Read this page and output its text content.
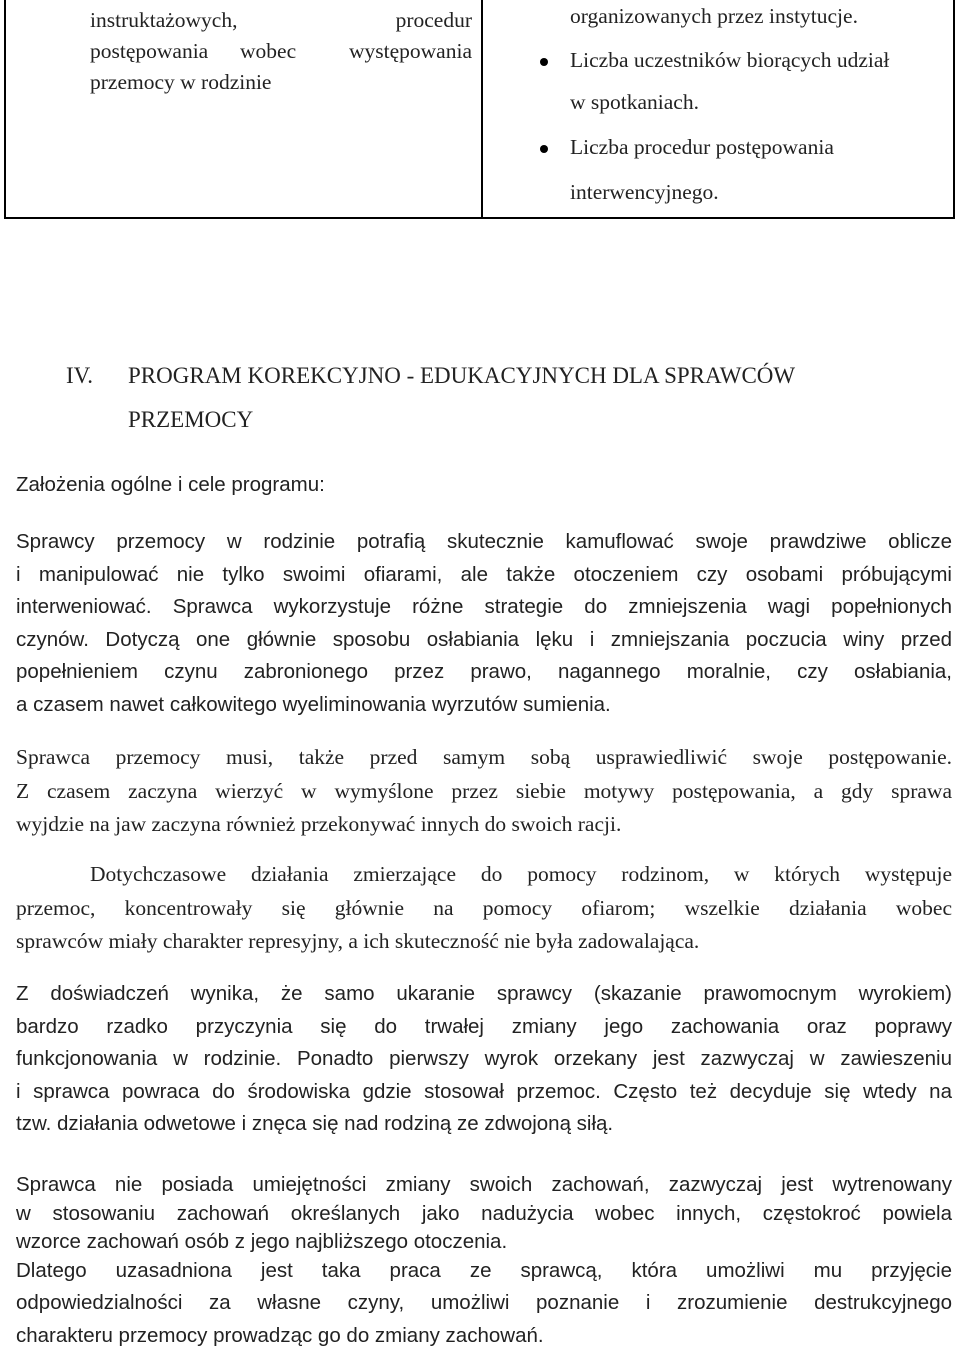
instruktażowych,	procedur
postępowania wobec występowania
przemocy w rodzinie
organizowanych przez instytucje.
Liczba uczestników biorących udział
w spotkaniach.
Liczba procedur postępowania
interwencyjnego.
IV. PROGRAM KOREKCYJNO - EDUKACYJNYCH DLA SPRAWCÓW
PRZEMOCY
Założenia ogólne i cele programu:
Sprawcy przemocy w rodzinie potrafią skutecznie kamuflować swoje prawdziwe oblicze
i manipulować nie tylko swoimi ofiarami, ale także otoczeniem czy osobami próbującymi
interweniować. Sprawca wykorzystuje różne strategie do zmniejszenia wagi popełnionych
czynów. Dotyczą one głównie sposobu osłabiania lęku i zmniejszania poczucia winy przed
popełnieniem czynu zabronionego przez prawo, nagannego moralnie, czy osłabiania,
a czasem nawet całkowitego wyeliminowania wyrzutów sumienia.
Sprawca przemocy musi, także przed samym sobą usprawiedliwić swoje postępowanie.
Z czasem zaczyna wierzyć w wymyślone przez siebie motywy postępowania, a gdy sprawa
wyjdzie na jaw zaczyna również przekonywać innych do swoich racji.
Dotychczasowe działania zmierzające do pomocy rodzinom, w których występuje
przemoc, koncentrowały się głównie na pomocy ofiarom; wszelkie działania wobec
sprawców miały charakter represyjny, a ich skuteczność nie była zadowalająca.
Z doświadczeń wynika, że samo ukaranie sprawcy (skazanie prawomocnym wyrokiem)
bardzo rzadko przyczynia się do trwałej zmiany jego zachowania oraz poprawy
funkcjonowania w rodzinie. Ponadto pierwszy wyrok orzekany jest zazwyczaj w zawieszeniu
i sprawca powraca do środowiska gdzie stosował przemoc. Często też decyduje się wtedy na
tzw. działania odwetowe i znęca się nad rodziną ze zdwojoną siłą.
Sprawca nie posiada umiejętności zmiany swoich zachowań, zazwyczaj jest wytrenowany
w stosowaniu zachowań określanych jako nadużycia wobec innych, częstokroć powiela
wzorce zachowań osób z jego najbliższego otoczenia.
Dlatego uzasadniona jest taka praca ze sprawcą, która umożliwi mu przyjęcie
odpowiedzialności za własne czyny, umożliwi poznanie i zrozumienie destrukcyjnego
charakteru przemocy prowadząc go do zmiany zachowań.
